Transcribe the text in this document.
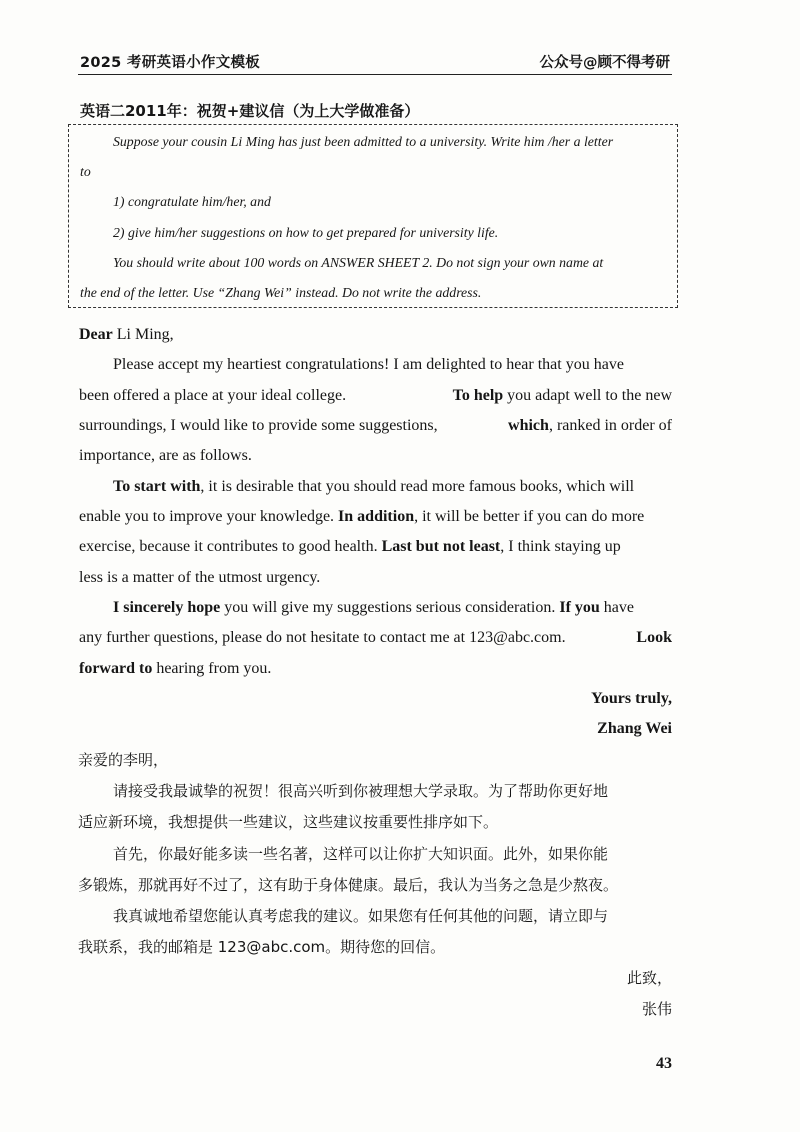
2025 考研英语小作文模板	公众号@顾不得考研
英语二2011年：祝贺+建议信（为上大学做准备）
Suppose your cousin Li Ming has just been admitted to a university. Write him /her a letter
to
1) congratulate him/her, and
2) give him/her suggestions on how to get prepared for university life.
You should write about 100 words on ANSWER SHEET 2. Do not sign your own name at
the end of the letter. Use “Zhang Wei” instead. Do not write the address.
Dear Li Ming,
Please accept my heartiest congratulations! I am delighted to hear that you have
been offered a place at your ideal college.	To help you adapt well to the new
surroundings, I would like to provide some suggestions,	which, ranked in order of
importance, are as follows.
To start with, it is desirable that you should read more famous books, which will
enable you to improve your knowledge. In addition, it will be better if you can do more
exercise, because it contributes to good health. Last but not least, I think staying up
less is a matter of the utmost urgency.
I sincerely hope you will give my suggestions serious consideration. If you have
any further questions, please do not hesitate to contact me at 123@abc.com.	Look
forward to hearing from you.
Yours truly,
Zhang Wei
亲爱的李明，
请接受我最诚挚的祝贺！很高兴听到你被理想大学录取。为了帮助你更好地
适应新环境，我想提供一些建议，这些建议按重要性排序如下。
首先，你最好能多读一些名著，这样可以让你扩大知识面。此外，如果你能
多锻炼，那就再好不过了，这有助于身体健康。最后，我认为当务之急是少熬夜。
我真诚地希望您能认真考虑我的建议。如果您有任何其他的问题，请立即与
我联系，我的邮箱是 123@abc.com。期待您的回信。
此致，
张伟
43
